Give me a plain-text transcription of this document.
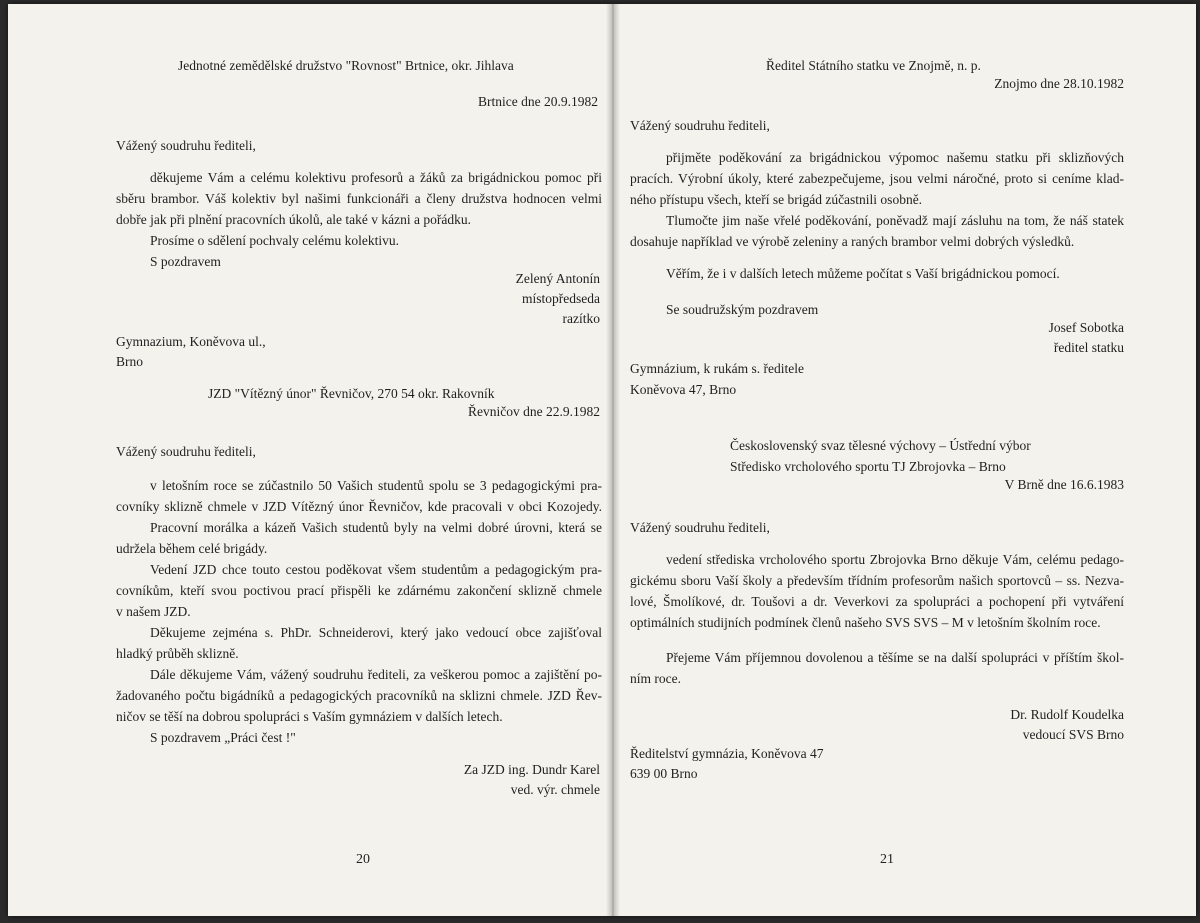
Jednotné zemědělské družstvo "Rovnost" Brtnice, okr. Jihlava
Brtnice dne 20.9.1982
Vážený soudruhu řediteli,
děkujeme Vám a celému kolektivu profesorů a žáků za brigádnickou pomoc při
sběru brambor. Váš kolektiv byl našimi funkcionáři a členy družstva hodnocen velmi
dobře jak při plnění pracovních úkolů, ale také v kázni a pořádku.
Prosíme o sdělení pochvaly celému kolektivu.
S pozdravem
Zelený Antonín
místopředseda
razítko
Gymnazium, Koněvova ul.,
Brno
JZD "Vítězný únor" Řevničov, 270 54 okr. Rakovník
Řevničov dne 22.9.1982
Vážený soudruhu řediteli,
v letošním roce se zúčastnilo 50 Vašich studentů spolu se 3 pedagogickými pra-
covníky sklizně chmele v JZD Vítězný únor Řevničov, kde pracovali v obci Kozojedy.
Pracovní morálka a kázeň Vašich studentů byly na velmi dobré úrovni, která se
udržela během celé brigády.
Vedení JZD chce touto cestou poděkovat všem studentům a pedagogickým pra-
covníkům, kteří svou poctivou prací přispěli ke zdárnému zakončení sklizně chmele
v našem JZD.
Děkujeme zejména s. PhDr. Schneiderovi, který jako vedoucí obce zajišťoval
hladký průběh sklizně.
Dále děkujeme Vám, vážený soudruhu řediteli, za veškerou pomoc a zajištění po-
žadovaného počtu bigádníků a pedagogických pracovníků na sklizni chmele. JZD Řev-
ničov se těší na dobrou spolupráci s Vaším gymnáziem v dalších letech.
S pozdravem „Práci čest !"
Za JZD ing. Dundr Karel
ved. výr. chmele
20
Ředitel Státního statku ve Znojmě, n. p.
Znojmo dne 28.10.1982
Vážený soudruhu řediteli,
přijměte poděkování za brigádnickou výpomoc našemu statku při sklizňových
pracích. Výrobní úkoly, které zabezpečujeme, jsou velmi náročné, proto si ceníme klad-
ného přístupu všech, kteří se brigád zúčastnili osobně.
Tlumočte jim naše vřelé poděkování, poněvadž mají zásluhu na tom, že náš statek
dosahuje například ve výrobě zeleniny a raných brambor velmi dobrých výsledků.
Věřím, že i v dalších letech můžeme počítat s Vaší brigádnickou pomocí.
Se soudružským pozdravem
Josef Sobotka
ředitel statku
Gymnázium, k rukám s. ředitele
Koněvova 47, Brno
Československý svaz tělesné výchovy – Ústřední výbor
Středisko vrcholového sportu TJ Zbrojovka – Brno
V Brně dne 16.6.1983
Vážený soudruhu řediteli,
vedení střediska vrcholového sportu Zbrojovka Brno děkuje Vám, celému pedago-
gickému sboru Vaší školy a především třídním profesorům našich sportovců – ss. Nezva-
lové, Šmolíkové, dr. Toušovi a dr. Veverkovi za spolupráci a pochopení při vytváření
optimálních studijních podmínek členů našeho SVS SVS – M v letošním školním roce.
Přejeme Vám příjemnou dovolenou a těšíme se na další spolupráci v příštím škol-
ním roce.
Dr. Rudolf Koudelka
vedoucí SVS Brno
Ředitelství gymnázia, Koněvova 47
639 00 Brno
21
